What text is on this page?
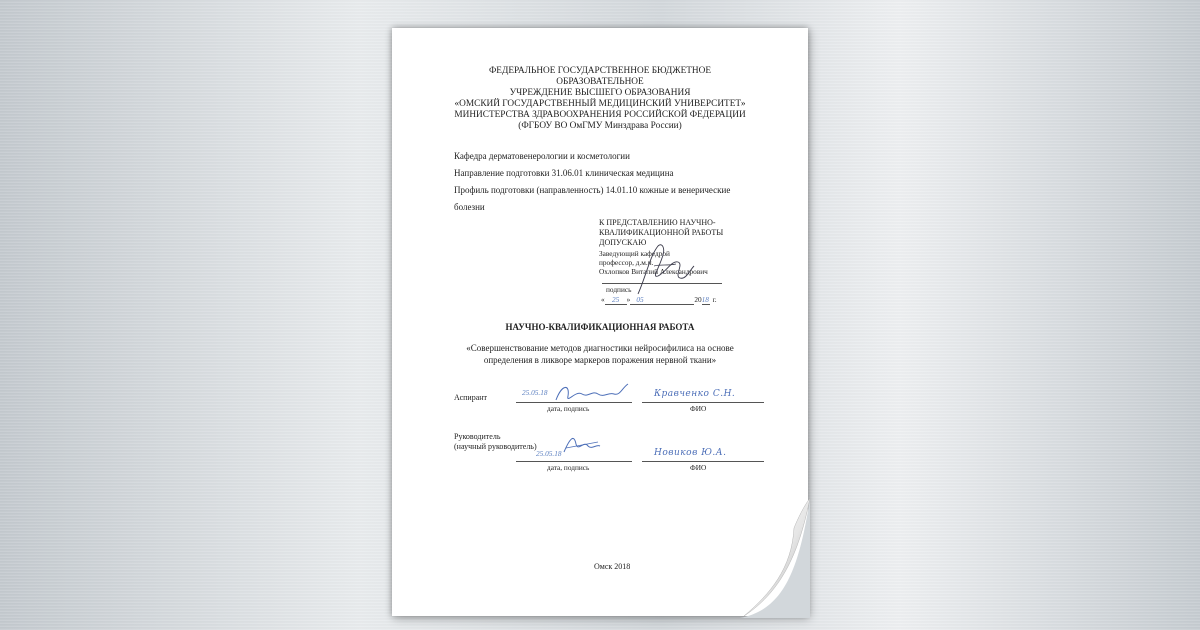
ФЕДЕРАЛЬНОЕ ГОСУДАРСТВЕННОЕ БЮДЖЕТНОЕ
ОБРАЗОВАТЕЛЬНОЕ
УЧРЕЖДЕНИЕ ВЫСШЕГО ОБРАЗОВАНИЯ
«ОМСКИЙ ГОСУДАРСТВЕННЫЙ МЕДИЦИНСКИЙ УНИВЕРСИТЕТ»
МИНИСТЕРСТВА ЗДРАВООХРАНЕНИЯ РОССИЙСКОЙ ФЕДЕРАЦИИ
(ФГБОУ ВО ОмГМУ Минздрава России)
Кафедра дерматовенерологии и косметологии
Направление подготовки 31.06.01 клиническая медицина
Профиль подготовки (направленность) 14.01.10 кожные и венерические
болезни
К ПРЕДСТАВЛЕНИЮ НАУЧНО-
КВАЛИФИКАЦИОННОЙ РАБОТЫ
ДОПУСКАЮ
Заведующий кафедрой
профессор, д.м.н.
Охлопков Виталий Александрович
подпись
« 25 » 05	2018 г.
НАУЧНО-КВАЛИФИКАЦИОННАЯ РАБОТА
«Совершенствование методов диагностики нейросифилиса на основе
определения в ликворе маркеров поражения нервной ткани»
Аспирант
25.05.18
дата, подпись
Кравченко С.Н.
ФИО
Руководитель
(научный руководитель)
25.05.18
дата, подпись
Новиков Ю.А.
ФИО
Омск 2018
